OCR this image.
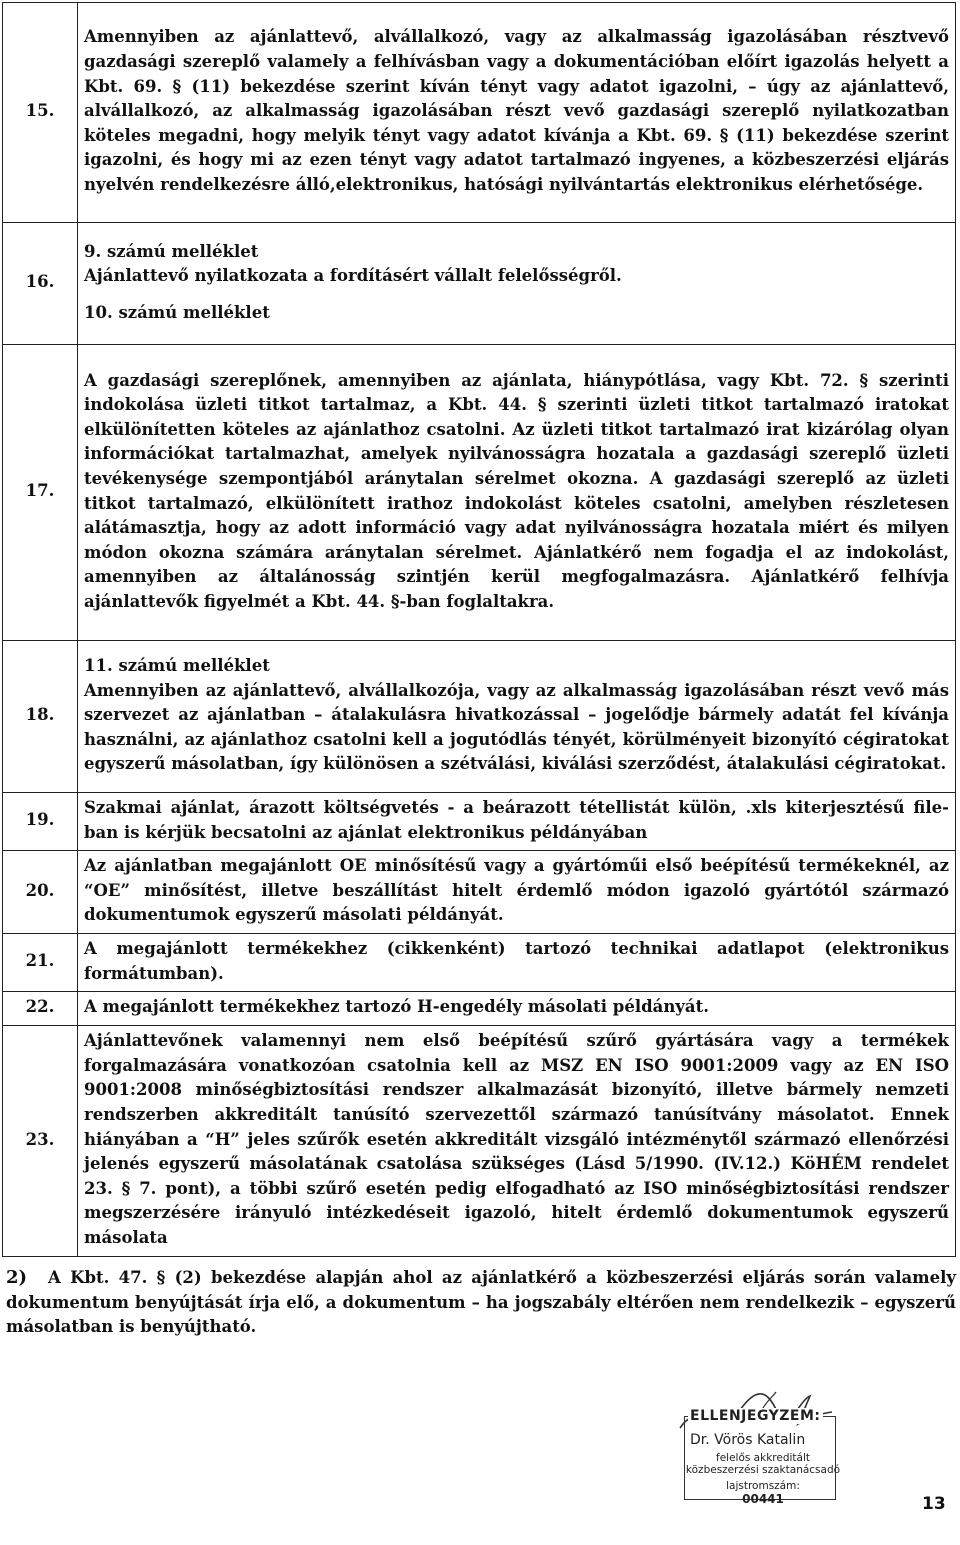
15.	Amennyiben az ajánlattevő, alvállalkozó, vagy az alkalmasság igazolásában résztvevő gazdasági szereplő valamely a felhívásban vagy a dokumentációban előírt igazolás helyett a Kbt. 69. § (11) bekezdése szerint kíván tényt vagy adatot igazolni, – úgy az ajánlattevő, alvállalkozó, az alkalmasság igazolásában részt vevő gazdasági szereplő nyilatkozatban köteles megadni, hogy melyik tényt vagy adatot kívánja a Kbt. 69. § (11) bekezdése szerint igazolni, és hogy mi az ezen tényt vagy adatot tartalmazó ingyenes, a közbeszerzési eljárás nyelvén rendelkezésre álló,elektronikus, hatósági nyilvántartás elektronikus elérhetősége.
16.	9. számú melléklet
Ajánlattevő nyilatkozata a fordításért vállalt felelősségről.
10. számú melléklet

17.	A gazdasági szereplőnek, amennyiben az ajánlata, hiánypótlása, vagy Kbt. 72. § szerinti indokolása üzleti titkot tartalmaz, a Kbt. 44. § szerinti üzleti titkot tartalmazó iratokat elkülönítetten köteles az ajánlathoz csatolni. Az üzleti titkot tartalmazó irat kizárólag olyan információkat tartalmazhat, amelyek nyilvánosságra hozatala a gazdasági szereplő üzleti tevékenysége szempontjából aránytalan sérelmet okozna. A gazdasági szereplő az üzleti titkot tartalmazó, elkülönített irathoz indokolást köteles csatolni, amelyben részletesen alátámasztja, hogy az adott információ vagy adat nyilvánosságra hozatala miért és milyen módon okozna számára aránytalan sérelmet. Ajánlatkérő nem fogadja el az indokolást, amennyiben az általánosság szintjén kerül megfogalmazásra. Ajánlatkérő felhívja ajánlattevők figyelmét a Kbt. 44. §-ban foglaltakra.
18.	11. számú melléklet
Amennyiben az ajánlattevő, alvállalkozója, vagy az alkalmasság igazolásában részt vevő más szervezet az ajánlatban – átalakulásra hivatkozással – jogelődje bármely adatát fel kívánja használni, az ajánlathoz csatolni kell a jogutódlás tényét, körülményeit bizonyító cégiratokat egyszerű másolatban, így különösen a szétválási, kiválási szerződést, átalakulási cégiratokat.
19.	Szakmai ajánlat, árazott költségvetés - a beárazott tétellistát külön, .xls kiterjesztésű file-ban is kérjük becsatolni az ajánlat elektronikus példányában
20.	Az ajánlatban megajánlott OE minősítésű vagy a gyártóműi első beépítésű termékeknél, az “OE” minősítést, illetve beszállítást hitelt érdemlő módon igazoló gyártótól származó dokumentumok egyszerű másolati példányát.
21.	A megajánlott termékekhez (cikkenként) tartozó technikai adatlapot (elektronikus formátumban).
22.	A megajánlott termékekhez tartozó H-engedély másolati példányát.
23.	Ajánlattevőnek valamennyi nem első beépítésű szűrő gyártására vagy a termékek forgalmazására vonatkozóan csatolnia kell az MSZ EN ISO 9001:2009 vagy az EN ISO 9001:2008 minőségbiztosítási rendszer alkalmazását bizonyító, illetve bármely nemzeti rendszerben akkreditált tanúsító szervezettől származó tanúsítvány másolatot. Ennek hiányában a “H” jeles szűrők esetén akkreditált vizsgáló intézménytől származó ellenőrzési jelenés egyszerű másolatának csatolása szükséges (Lásd 5/1990. (IV.12.) KöHÉM rendelet 23. § 7. pont), a többi szűrő esetén pedig elfogadható az ISO minőségbiztosítási rendszer megszerzésére irányuló intézkedéseit igazoló, hitelt érdemlő dokumentumok egyszerű másolata
2) A Kbt. 47. § (2) bekezdése alapján ahol az ajánlatkérő a közbeszerzési eljárás során valamely dokumentum benyújtását írja elő, a dokumentum – ha jogszabály eltérően nem rendelkezik – egyszerű másolatban is benyújtható.
ELLENJEGYZEM:
Dr. Vörös Katalin
felelős akkreditált
közbeszerzési szaktanácsadó
lajstromszám:
00441	13
